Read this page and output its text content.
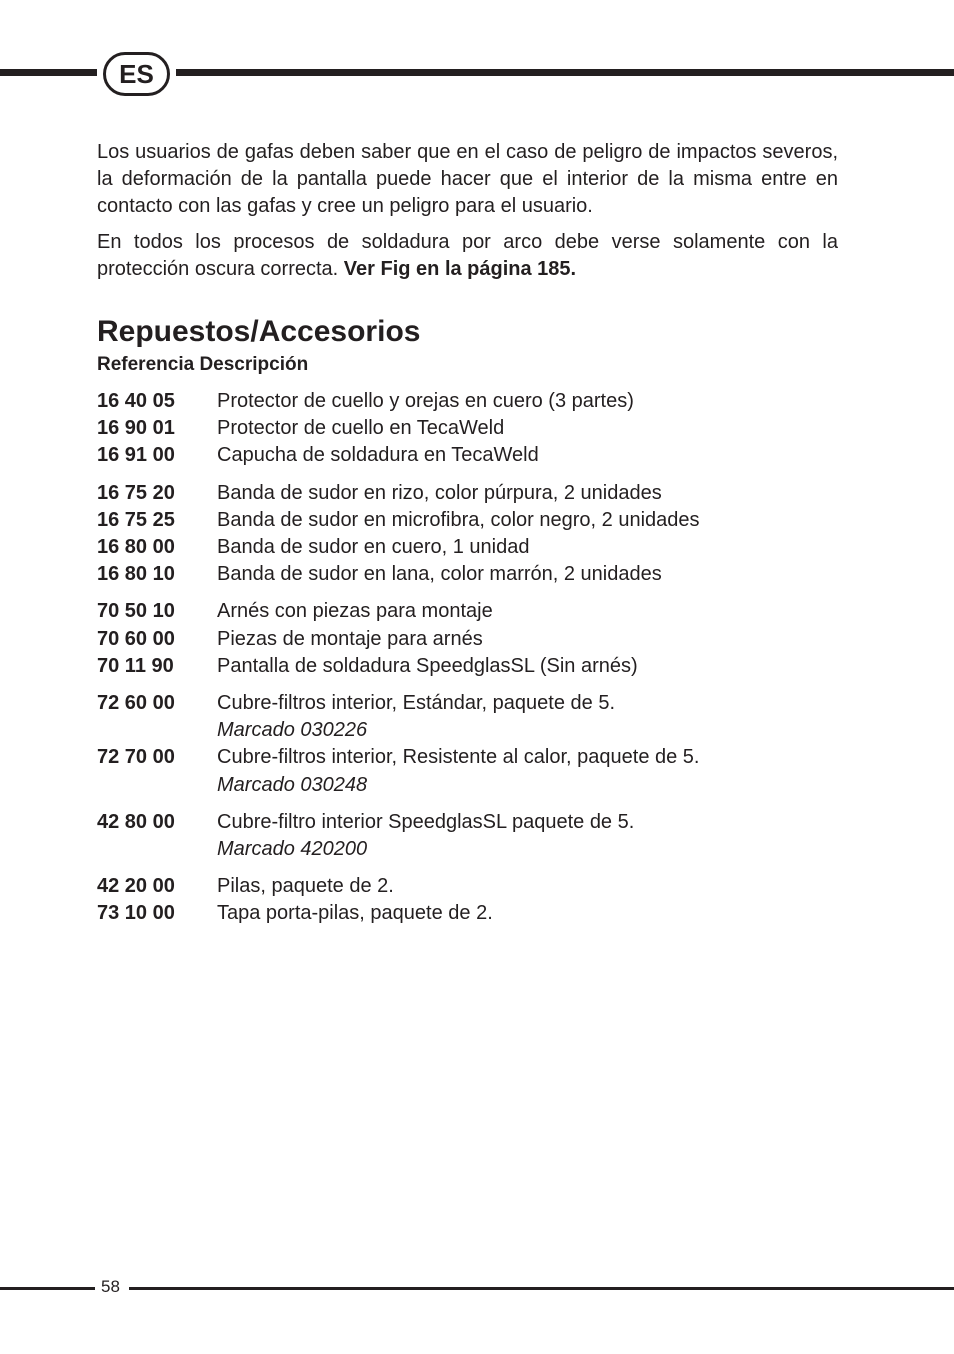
ES

Los usuarios de gafas deben saber que en el caso de peligro de impactos severos, la deformación de la pantalla puede hacer que el interior de la misma entre en contacto con las gafas y cree un peligro para el usuario.

En todos los procesos de soldadura por arco debe verse solamente con la protección oscura correcta. Ver Fig en la página 185.

Repuestos/Accesorios
Referencia Descripción
16 40 05	Protector de cuello y orejas en cuero (3 partes)
16 90 01	Protector de cuello en TecaWeld
16 91 00	Capucha de soldadura en TecaWeld
16 75 20	Banda de sudor en rizo, color púrpura, 2 unidades
16 75 25	Banda de sudor en microfibra, color negro, 2 unidades
16 80 00	Banda de sudor en cuero, 1 unidad
16 80 10	Banda de sudor en lana, color marrón, 2 unidades
70 50 10	Arnés con piezas para montaje
70 60 00	Piezas de montaje para arnés
70 11 90	Pantalla de soldadura SpeedglasSL (Sin arnés)
72 60 00	Cubre-filtros interior, Estándar, paquete de 5.
Marcado 030226
72 70 00	Cubre-filtros interior, Resistente al calor, paquete de 5.
Marcado 030248
42 80 00	Cubre-filtro interior SpeedglasSL paquete de 5.
Marcado 420200
42 20 00	Pilas, paquete de 2.
73 10 00	Tapa porta-pilas, paquete de 2.
58
